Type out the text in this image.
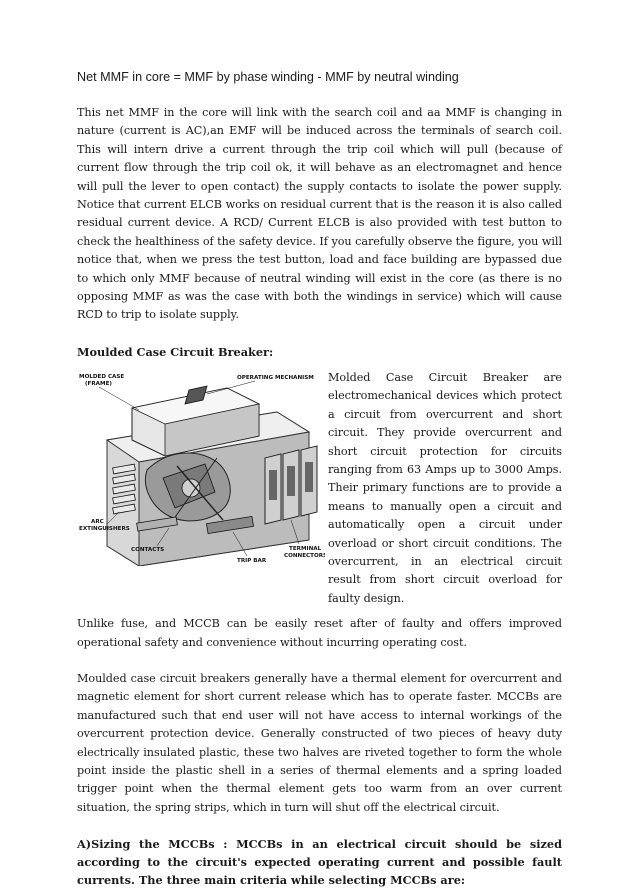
Net MMF in core = MMF by phase winding - MMF by neutral winding

This net MMF in the core will link with the search coil and aa MMF is changing in nature (current is AC),an EMF will be induced across the terminals of search coil. This will intern drive a current through the trip coil which will pull (because of current flow through the trip coil ok, it will behave as an electromagnet and hence will pull the lever to open contact) the supply contacts to isolate the power supply. Notice that current ELCB works on residual current that is the reason it is also called residual current device. A RCD/ Current ELCB is also provided with test button to check the healthiness of the safety device. If you carefully observe the figure, you will notice that, when we press the test button, load and face building are bypassed due to which only MMF because of neutral winding will exist in the core (as there is no opposing MMF as was the case with both the windings in service) which will cause RCD to trip to isolate supply.

Moulded Case Circuit Breaker:

MOLDED CASE
(FRAME)
OPERATING MECHANISM
ARC
EXTINGUISHERS
CONTACTS
TRIP BAR
TERMINAL
CONNECTORS

Molded Case Circuit Breaker are electromechanical devices which protect a circuit from overcurrent and short circuit. They provide overcurrent and short circuit protection for circuits ranging from 63 Amps up to 3000 Amps. Their primary functions are to provide a means to manually open a circuit and automatically open a circuit under overload or short circuit conditions. The overcurrent, in an electrical circuit result from short circuit overload for faulty design.

Unlike fuse, and MCCB can be easily reset after of faulty and offers improved operational safety and convenience without incurring operating cost.

Moulded case circuit breakers generally have a thermal element for overcurrent and magnetic element for short current release which has to operate faster. MCCBs are manufactured such that end user will not have access to internal workings of the overcurrent protection device. Generally constructed of two pieces of heavy duty electrically insulated plastic, these two halves are riveted together to form the whole point inside the plastic shell in a series of thermal elements and a spring loaded trigger point when the thermal element gets too warm from an over current situation, the spring strips, which in turn will shut off the electrical circuit.

A)Sizing the MCCBs : MCCBs in an electrical circuit should be sized according to the circuit's expected operating current and possible fault currents. The three main criteria while selecting MCCBs are:
